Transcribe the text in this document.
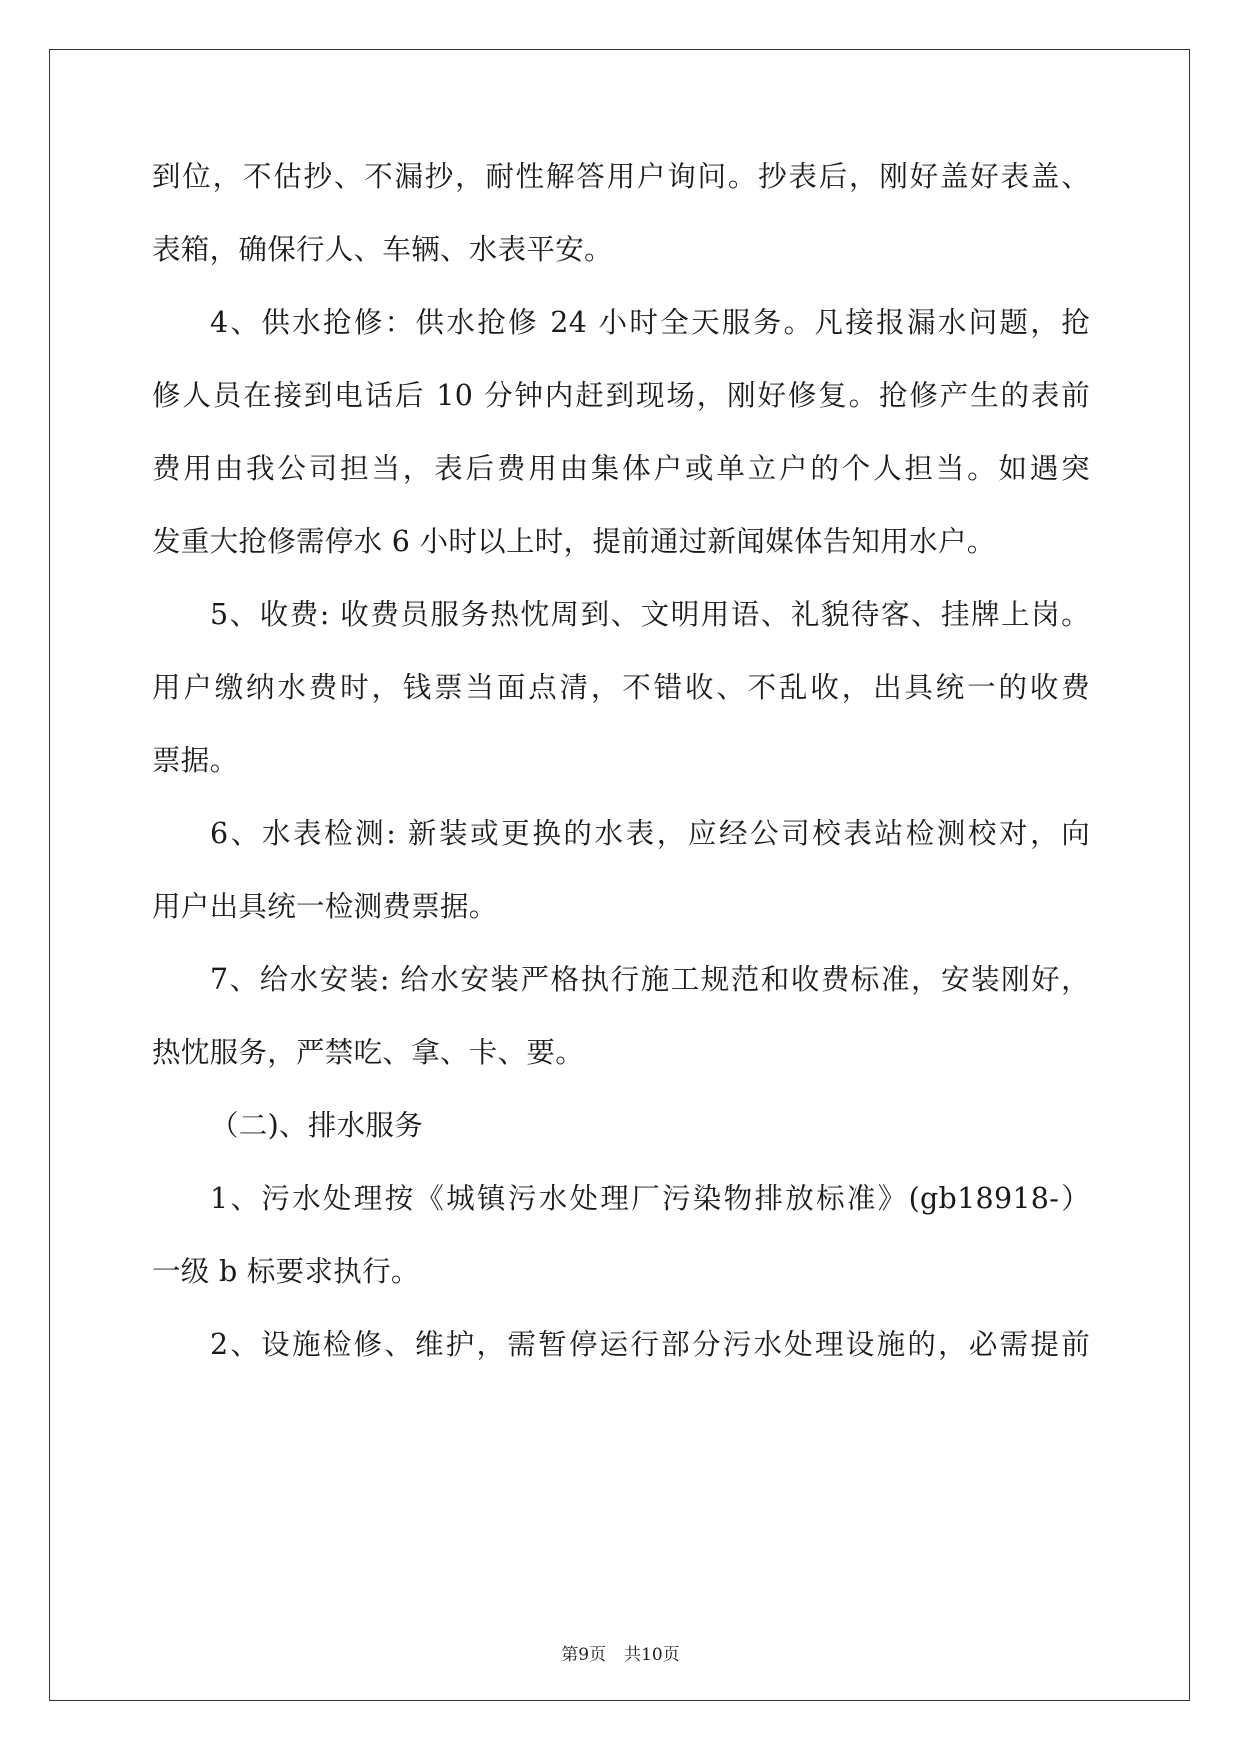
到位，不估抄、不漏抄，耐性解答用户询问。抄表后，刚好盖好表盖、
表箱，确保行人、车辆、水表平安。
4、供水抢修：供水抢修 24 小时全天服务。凡接报漏水问题，抢
修人员在接到电话后 10 分钟内赶到现场，刚好修复。抢修产生的表前
费用由我公司担当，表后费用由集体户或单立户的个人担当。如遇突
发重大抢修需停水 6 小时以上时，提前通过新闻媒体告知用水户。
5、收费: 收费员服务热忱周到、文明用语、礼貌待客、挂牌上岗。
用户缴纳水费时，钱票当面点清，不错收、不乱收，出具统一的收费
票据。
6、水表检测: 新装或更换的水表，应经公司校表站检测校对，向
用户出具统一检测费票据。
7、给水安装: 给水安装严格执行施工规范和收费标准，安装刚好，
热忱服务，严禁吃、拿、卡、要。
（二)、排水服务
1、污水处理按《城镇污水处理厂污染物排放标准》(gb18918-）
一级 b 标要求执行。
2、设施检修、维护，需暂停运行部分污水处理设施的，必需提前
第9页 共10页
